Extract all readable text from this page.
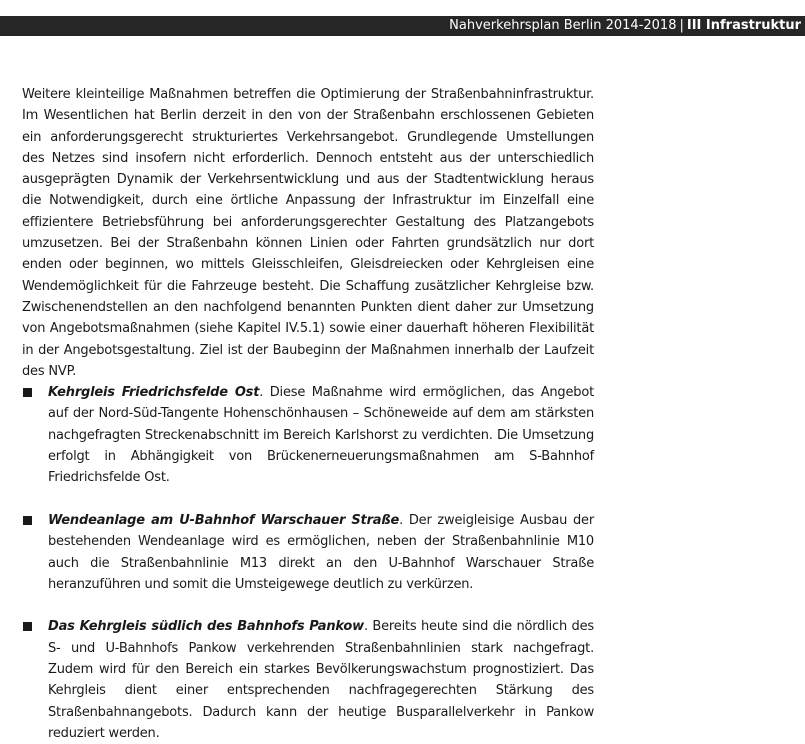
Nahverkehrsplan Berlin 2014-2018 | III Infrastruktur

Weitere kleinteilige Maßnahmen betreffen die Optimierung der Straßenbahninfrastruktur. Im Wesentlichen hat Berlin derzeit in den von der Straßenbahn erschlossenen Gebieten ein anforderungsgerecht strukturiertes Verkehrsangebot. Grundlegende Umstellungen des Netzes sind insofern nicht erforderlich. Dennoch entsteht aus der unterschiedlich ausgeprägten Dynamik der Verkehrsentwicklung und aus der Stadtentwicklung heraus die Notwendigkeit, durch eine örtliche Anpassung der Infrastruktur im Einzelfall eine effizientere Betriebsführung bei anforderungsgerechter Gestaltung des Platzangebots umzusetzen. Bei der Straßenbahn können Linien oder Fahrten grundsätzlich nur dort enden oder beginnen, wo mittels Gleisschleifen, Gleisdreiecken oder Kehrgleisen eine Wendemöglichkeit für die Fahrzeuge besteht. Die Schaffung zusätzlicher Kehrgleise bzw. Zwischenendstellen an den nachfolgend benannten Punkten dient daher zur Umsetzung von Angebotsmaßnahmen (siehe Kapitel IV.5.1) sowie einer dauerhaft höheren Flexibilität in der Angebotsgestaltung. Ziel ist der Baubeginn der Maßnahmen innerhalb der Laufzeit des NVP.

Kehrgleis Friedrichsfelde Ost. Diese Maßnahme wird ermöglichen, das Angebot auf der Nord-Süd-Tangente Hohenschönhausen – Schöneweide auf dem am stärksten nachgefragten Streckenabschnitt im Bereich Karlshorst zu verdichten. Die Umsetzung erfolgt in Abhängigkeit von Brückenerneuerungsmaßnahmen am S-Bahnhof Friedrichsfelde Ost.
Wendeanlage am U-Bahnhof Warschauer Straße. Der zweigleisige Ausbau der bestehenden Wendeanlage wird es ermöglichen, neben der Straßenbahnlinie M10 auch die Straßenbahnlinie M13 direkt an den U-Bahnhof Warschauer Straße heranzuführen und somit die Umsteigewege deutlich zu verkürzen.
Das Kehrgleis südlich des Bahnhofs Pankow. Bereits heute sind die nördlich des S- und U-Bahnhofs Pankow verkehrenden Straßenbahnlinien stark nachgefragt. Zudem wird für den Bereich ein starkes Bevölkerungswachstum prognostiziert. Das Kehrgleis dient einer entsprechenden nachfragegerechten Stärkung des Straßenbahnangebots. Dadurch kann der heutige Busparallelverkehr in Pankow reduziert werden.
